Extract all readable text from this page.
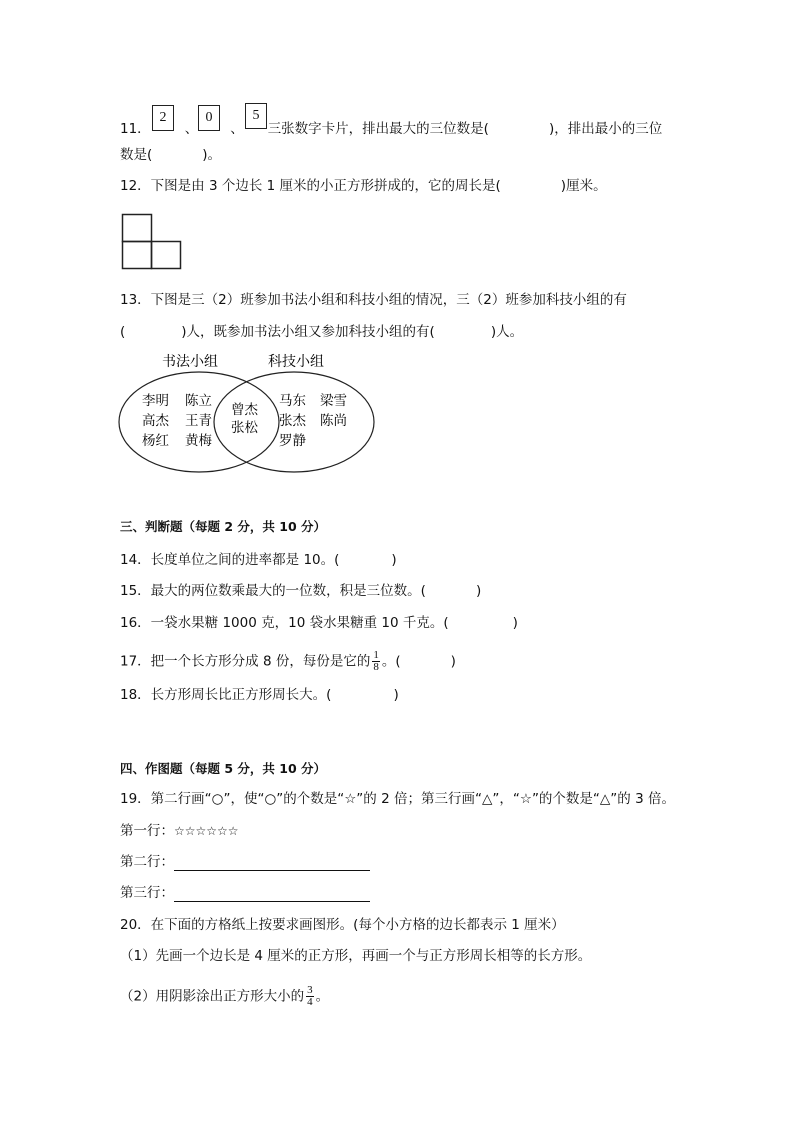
2	0	5
11．	、 、 三张数字卡片，排出最大的三位数是(	)，排出最小的三位
数是(	)。
12．下图是由 3 个边长 1 厘米的小正方形拼成的，它的周长是(	)厘米。
13．下图是三（2）班参加书法小组和科技小组的情况，三（2）班参加科技小组的有
(	)人，既参加书法小组又参加科技小组的有(	)人。
书法小组	科技小组
李明 陈立
高杰 王青
杨红 黄梅
曾杰
张松
马东 梁雪
张杰 陈尚
罗静
三、判断题（每题 2 分，共 10 分）
14．长度单位之间的进率都是 10。(	)
15．最大的两位数乘最大的一位数，积是三位数。(	)
16．一袋水果糖 1000 克，10 袋水果糖重 10 千克。(	)
17．把一个长方形分成 8 份，每份是它的 $\frac{1}{8}$ 。(	)
18．长方形周长比正方形周长大。(	)
四、作图题（每题 5 分，共 10 分）
19．第二行画“○”，使“○”的个数是“☆”的 2 倍；第三行画“△”，“☆”的个数是“△”的 3 倍。
第一行：☆☆☆☆☆☆
第二行：
第三行：
20．在下面的方格纸上按要求画图形。(每个小方格的边长都表示 1 厘米）
（1）先画一个边长是 4 厘米的正方形，再画一个与正方形周长相等的长方形。
（2）用阴影涂出正方形大小的 $\frac{3}{4}$ 。
